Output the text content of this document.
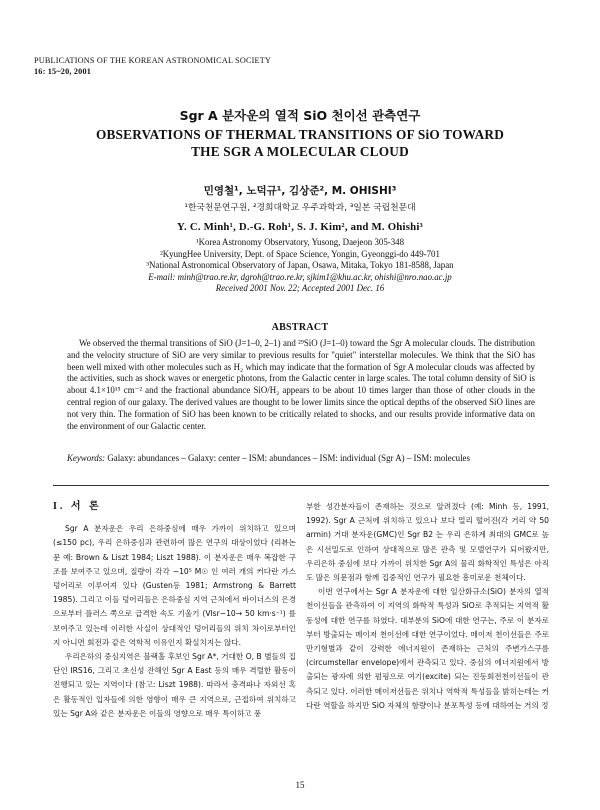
PUBLICATIONS OF THE KOREAN ASTRONOMICAL SOCIETY
16: 15~20, 2001
Sgr A 분자운의 열적 SiO 천이선 관측연구
OBSERVATIONS OF THERMAL TRANSITIONS OF SiO TOWARD
THE SGR A MOLECULAR CLOUD
민영철¹, 노덕규¹, 김상준², M. OHISHI³
¹한국천문연구원, ²경희대학교 우주과학과, ³일본 국립천문대
Y. C. Minh¹, D.-G. Roh¹, S. J. Kim², and M. Ohishi³
¹Korea Astronomy Observatory, Yusong, Daejeon 305-348
²KyungHee University, Dept. of Space Science, Yongin, Gyeonggi-do 449-701
³National Astronomical Observatory of Japan, Osawa, Mitaka, Tokyo 181-8588, Japan
E-mail: minh@trao.re.kr, dgroh@trao.re.kr, sjkim1@khu.ac.kr, ohishi@nro.nao.ac.jp
Received 2001 Nov. 22; Accepted 2001 Dec. 16
ABSTRACT
We observed the thermal transitions of SiO (J=1–0, 2–1) and ²⁹SiO (J=1–0) toward the Sgr A molecular clouds. The distribution and the velocity structure of SiO are very similar to previous results for "quiet" interstellar molecules. We think that the SiO has been well mixed with other molecules such as H₂ which may indicate that the formation of Sgr A molecular clouds was affected by the activities, such as shock waves or energetic photons, from the Galactic center in large scales. The total column density of SiO is about 4.1×10¹⁵ cm⁻² and the fractional abundance SiO/H₂ appears to be about 10 times larger than those of other clouds in the central region of our galaxy. The derived values are thought to be lower limits since the optical depths of the observed SiO lines are not very thin. The formation of SiO has been known to be critically related to shocks, and our results provide informative data on the environment of our Galactic center.
Keywords: Galaxy: abundances – Galaxy: center – ISM: abundances – ISM: individual (Sgr A) – ISM: molecules
I. 서 론

Sgr A 분자운은 우리 은하중심에 매우 가까이 위치하고 있으며 (≤150 pc), 우리 은하중심과 관련하여 많은 연구의 대상이었다 (리뷰논문 예: Brown & Liszt 1984; Liszt 1988). 이 분자운은 매우 복잡한 구조를 보여주고 있으며, 질량이 각각 ~10⁵ M☉ 인 여러 개의 커다란 가스 덩어리로 이루어져 있다 (Gusten등 1981; Armstrong & Barrett 1985). 그리고 이들 덩어리들은 은하중심 지역 근처에서 바이너스의 은경으로부터 플러스 쪽으로 급격한 속도 기울기 (Vlsr~10→ 50 km·s⁻¹) 를 보여주고 있는데 이러한 사실이 상대적인 덩어리들의 위치 차이로부터인지 아니면 회전과 같은 역학적 이유인지 확실치지는 않다.

우리은하의 중심지역은 블랙홀 후보인 Sgr A*, 거대한 O, B 별들의 집단인 IRS16, 그리고 초신성 잔해인 Sgr A East 등의 매우 격렬한 활동이 진행되고 있는 지역이다 (참고: Liszt 1988). 따라서 충격파나 자외선 혹은 활동적인 입자들에 의한 영향이 매우 큰 지역으로, 근접하여 위치하고 있는 Sgr A와 같은 분자운은 이들의 영향으로 매우 특이하고 풍

부한 성간분자들이 존재하는 것으로 알려졌다 (예: Minh 등, 1991, 1992). Sgr A 근처에 위치하고 있으나 보다 멀리 떨어진(각 거리 약 50 armin) 거대 분자운(GMC)인 Sgr B2 는 우리 은하계 최대의 GMC로 높은 시선밀도로 인하여 상대적으로 많은 관측 및 모델연구가 되어왔지만, 우리은하 중심에 보다 가까이 위치한 Sgr A의 물리 화학적인 특성은 아직도 많은 의문점과 함께 집중적인 연구가 필요한 흥미로운 천체이다.

이번 연구에서는 Sgr A 분자운에 대한 일산화규소(SiO) 분자의 열적 천이선들을 관측하여 이 지역의 화학적 특성과 SiO로 추적되는 지역적 활동성에 대한 연구를 하였다. 대부분의 SiO에 대한 연구는, 주로 이 분자로부터 방출되는 메이저 천이선에 대한 연구이었다. 메이저 천이선들은 주로 만기형별과 같이 강력한 에너지원이 존재하는 근처의 주변가스구름(circumstellar envelope)에서 관측되고 있다. 중심의 에너지원에서 방출되는 광자에 의한 펌핑으로 여기(excite) 되는 진동회전천이선들이 관측되고 있다. 이러한 메이저선들은 위치나 역학적 특성들을 밝히는데는 커다란 역할을 하지만 SiO 자체의 함량이나 분포특성 등에 대하여는 거의 정

15
